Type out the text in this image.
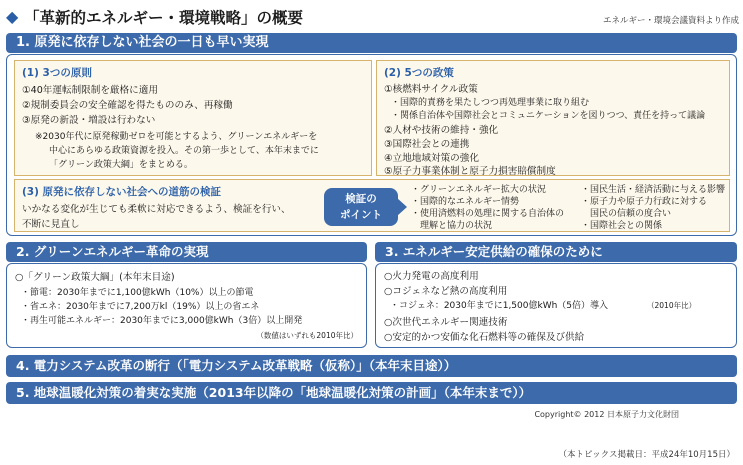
◆ 「革新的エネルギー・環境戦略」の概要	エネルギー・環境会議資料より作成
1. 原発に依存しない社会の一日も早い実現
(1) 3つの原則
①40年運転制限制を厳格に適用
②規制委員会の安全確認を得たもののみ、再稼働
③原発の新設・増設は行わない
※2030年代に原発稼動ゼロを可能とするよう、グリーンエネルギーを
中心にあらゆる政策資源を投入。その第一歩として、本年末までに
「グリーン政策大綱」をまとめる。
(2) 5つの政策
①核燃料サイクル政策
・国際的責務を果たしつつ再処理事業に取り組む
・関係自治体や国際社会とコミュニケーションを図りつつ、責任を持って議論
②人材や技術の維持・強化
③国際社会との連携
④立地地域対策の強化
⑤原子力事業体制と原子力損害賠償制度
(3) 原発に依存しない社会への道筋の検証
いかなる変化が生じても柔軟に対応できるよう、検証を行い、
不断に見直し
検証の
ポイント
・グリーンエネルギー拡大の状況
・国際的なエネルギー情勢
・使用済燃料の処理に関する自治体の
　理解と協力の状況
・国民生活・経済活動に与える影響
・原子力や原子力行政に対する
　国民の信頼の度合い
・国際社会との関係
2. グリーンエネルギー革命の実現
○「グリーン政策大綱」(本年末目途)
・節電：2030年までに1,100億kWh（10%）以上の節電
・省エネ：2030年までに7,200万kl（19%）以上の省エネ
・再生可能エネルギー：2030年までに3,000億kWh（3倍）以上開発
（数値はいずれも2010年比）
3. エネルギー安定供給の確保のために
○火力発電の高度利用
○コジェネなど熱の高度利用
・コジェネ：2030年までに1,500億kWh（5倍）導入	（2010年比）
○次世代エネルギー関連技術
○安定的かつ安価な化石燃料等の確保及び供給
4. 電力システム改革の断行（「電力システム改革戦略（仮称）」（本年末目途））
5. 地球温暖化対策の着実な実施（2013年以降の「地球温暖化対策の計画」（本年末まで））
Copyright© 2012 日本原子力文化財団
（本トピックス掲載日：平成24年10月15日）
